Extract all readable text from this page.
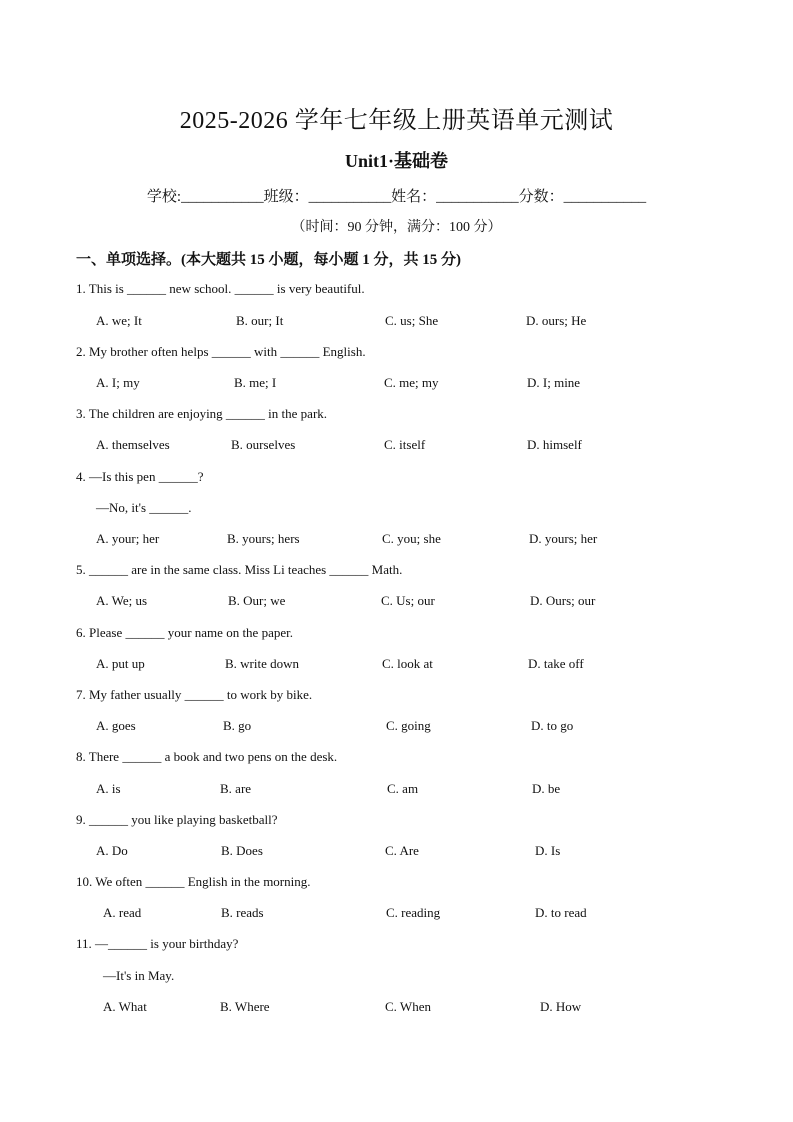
2025-2026 学年七年级上册英语单元测试
Unit1·基础卷
学校:___________班级：___________姓名：___________分数：___________
（时间：90 分钟，满分：100 分）
一、单项选择。(本大题共 15 小题，每小题 1 分，共 15 分)
1. This is ______ new school. ______ is very beautiful.
A. we; It	B. our; It	C. us; She	D. ours; He
2. My brother often helps ______ with ______ English.
A. I; my	B. me; I	C. me; my	D. I; mine
3. The children are enjoying ______ in the park.
A. themselves	B. ourselves	C. itself	D. himself
4. —Is this pen ______?
—No, it's ______.
A. your; her	B. yours; hers	C. you; she	D. yours; her
5. ______ are in the same class. Miss Li teaches ______ Math.
A. We; us	B. Our; we	C. Us; our	D. Ours; our
6. Please ______ your name on the paper.
A. put up	B. write down	C. look at	D. take off
7. My father usually ______ to work by bike.
A. goes	B. go	C. going	D. to go
8. There ______ a book and two pens on the desk.
A. is	B. are	C. am	D. be
9. ______ you like playing basketball?
A. Do	B. Does	C. Are	D. Is
10. We often ______ English in the morning.
A. read	B. reads	C. reading	D. to read
11. —______ is your birthday?
—It's in May.
A. What	B. Where	C. When	D. How
